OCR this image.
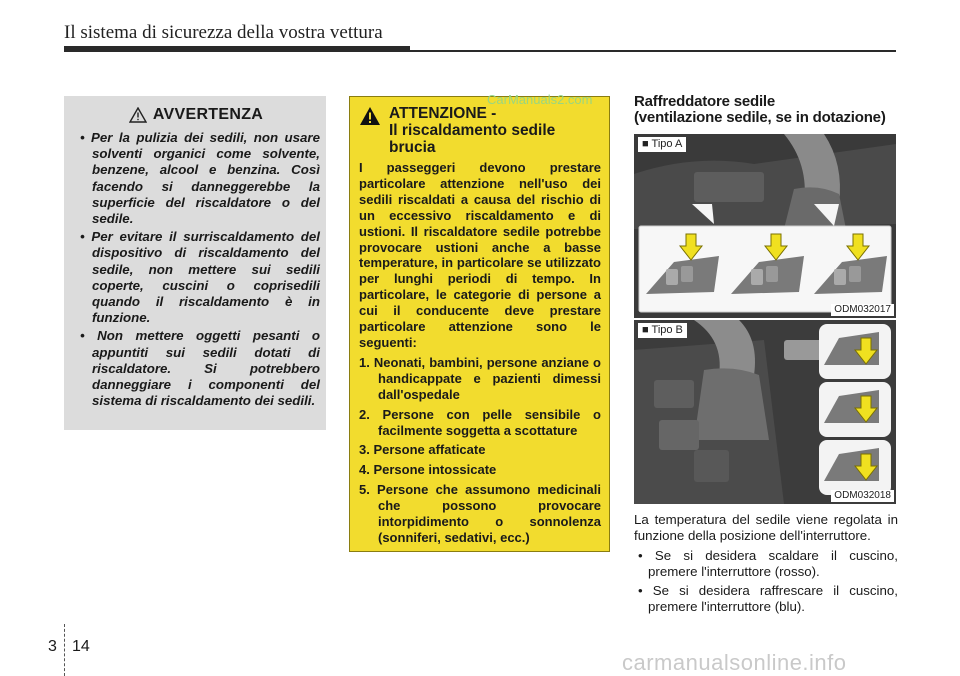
Il sistema di sicurezza della vostra vettura
AVVERTENZA
• Per la pulizia dei sedili, non usare solventi organici come solvente, benzene, alcool e benzina. Così facendo si danneggerebbe la superficie del riscaldatore o del sedile.
• Per evitare il surriscaldamento del dispositivo di riscaldamento del sedile, non mettere sui sedili coperte, cuscini o coprisedili quando il riscaldamento è in funzione.
• Non mettere oggetti pesanti o appuntiti sui sedili dotati di riscaldatore. Si potrebbero danneggiare i componenti del sistema di riscaldamento dei sedili.
ATTENZIONE -
Il riscaldamento sedile brucia

I passeggeri devono prestare particolare attenzione nell'uso dei sedili riscaldati a causa del rischio di un eccessivo riscaldamento e di ustioni. Il riscaldatore sedile potrebbe provocare ustioni anche a basse temperature, in particolare se utilizzato per lunghi periodi di tempo. In particolare, le categorie di persone a cui il conducente deve prestare particolare attenzione sono le seguenti:

1. Neonati, bambini, persone anziane o handicappate e pazienti dimessi dall'ospedale
2. Persone con pelle sensibile o facilmente soggetta a scottature
3. Persone affaticate
4. Persone intossicate
5. Persone che assumono medicinali che possono provocare intorpidimento o sonnolenza (sonniferi, sedativi, ecc.)
Raffreddatore sedile
(ventilazione sedile, se in dotazione)
■ Tipo A
ODM032017
■ Tipo B
ODM032018

La temperatura del sedile viene regolata in funzione della posizione dell'interruttore.

• Se si desidera scaldare il cuscino, premere l'interruttore (rosso).
• Se si desidera raffrescare il cuscino, premere l'interruttore (blu).
3 14
CarManuals2.com
carmanualsonline.info
